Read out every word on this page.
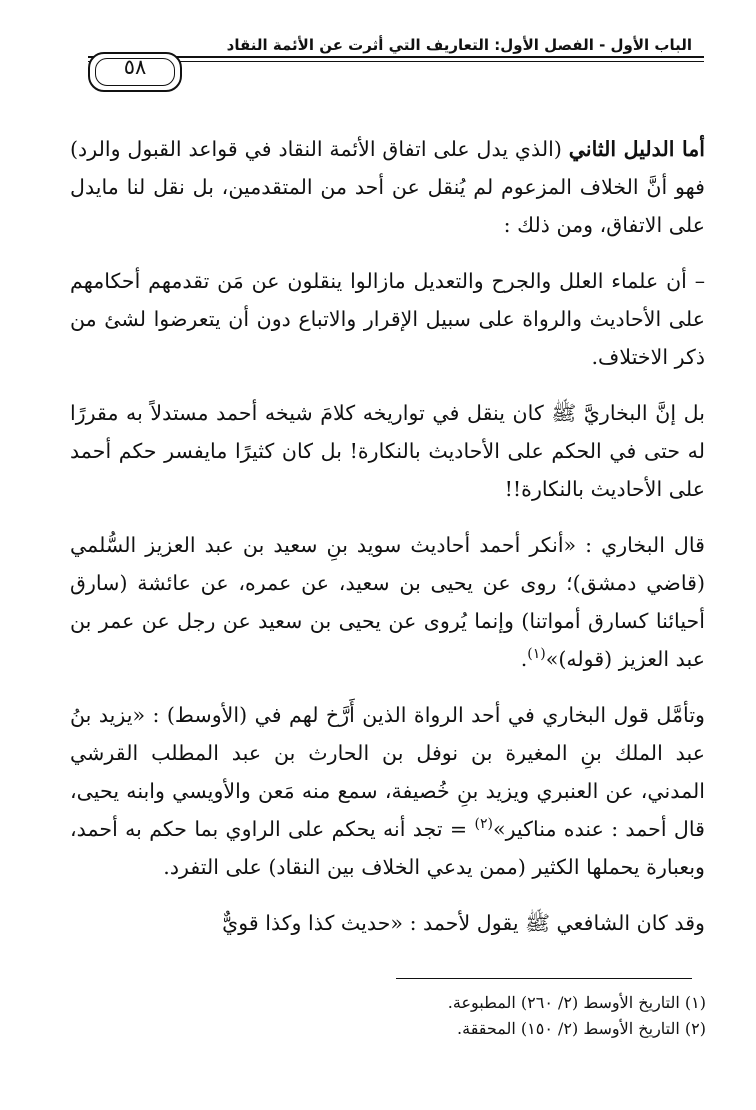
الباب الأول - الفصل الأول: التعاريف التي أثرت عن الأئمة النقاد
٥٨

أما الدليل الثاني (الذي يدل على اتفاق الأئمة النقاد في قواعد القبول والرد) فهو أنَّ الخلاف المزعوم لم يُنقل عن أحد من المتقدمين، بل نقل لنا مايدل على الاتفاق، ومن ذلك :

– أن علماء العلل والجرح والتعديل مازالوا ينقلون عن مَن تقدمهم أحكامهم على الأحاديث والرواة على سبيل الإقرار والاتباع دون أن يتعرضوا لشئ من ذكر الاختلاف.

بل إنَّ البخاريَّ ﷺ كان ينقل في تواريخه كلامَ شيخه أحمد مستدلاً به مقررًا له حتى في الحكم على الأحاديث بالنكارة! بل كان كثيرًا مايفسر حكم أحمد على الأحاديث بالنكارة!!

قال البخاري : «أنكر أحمد أحاديث سويد بنِ سعيد بن عبد العزيز السُّلمي (قاضي دمشق)؛ روى عن يحيى بن سعيد، عن عمره، عن عائشة (سارق أحيائنا كسارق أمواتنا) وإنما يُروى عن يحيى بن سعيد عن رجل عن عمر بن عبد العزيز (قوله)»$^{(١)}$.

وتأمَّل قول البخاري في أحد الرواة الذين أَرَّخ لهم في (الأوسط) : «يزيد بنُ عبد الملك بنِ المغيرة بن نوفل بن الحارث بن عبد المطلب القرشي المدني، عن العنبري ويزيد بنِ خُصيفة، سمع منه مَعن والأويسي وابنه يحيى، قال أحمد : عنده مناكير»$^{(٢)}$ = تجد أنه يحكم على الراوي بما حكم به أحمد، وبعبارة يحملها الكثير (ممن يدعي الخلاف بين النقاد) على التفرد.

وقد كان الشافعي ﷺ يقول لأحمد : «حديث كذا وكذا قويٌّ

(١) التاريخ الأوسط (٢/ ٢٦٠) المطبوعة.
(٢) التاريخ الأوسط (٢/ ١٥٠) المحققة.
